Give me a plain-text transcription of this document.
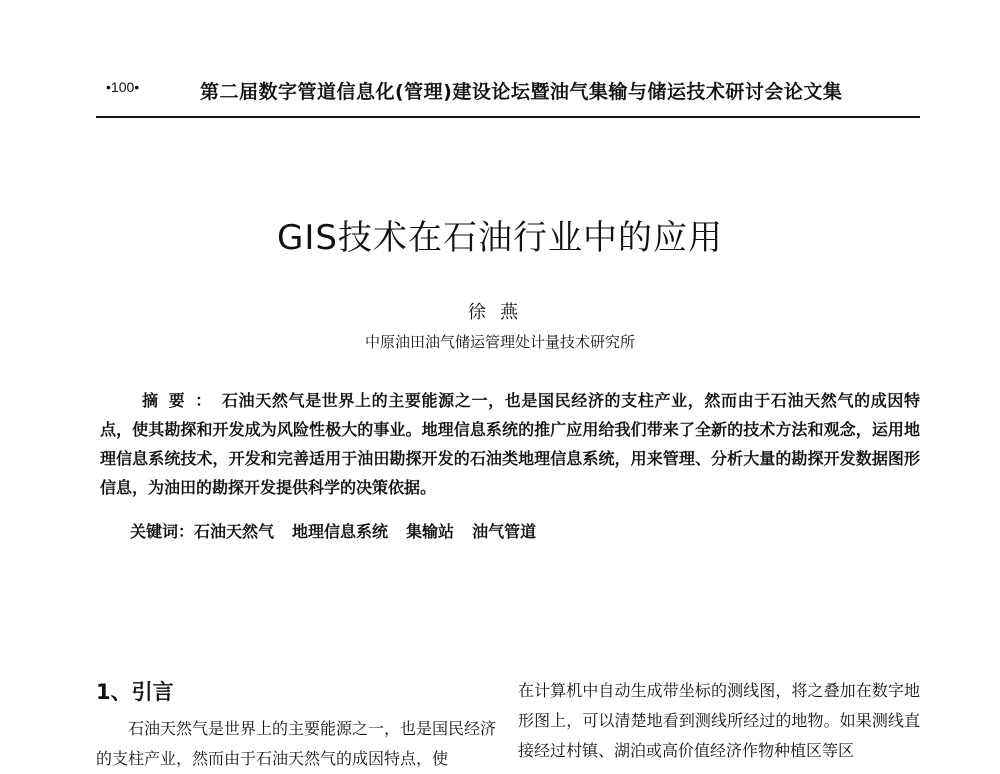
•100•	第二届数字管道信息化(管理)建设论坛暨油气集输与储运技术研讨会论文集
GIS技术在石油行业中的应用
徐燕
中原油田油气储运管理处计量技术研究所
摘要：石油天然气是世界上的主要能源之一，也是国民经济的支柱产业，然而由于石油天然气的成因特点，使其勘探和开发成为风险性极大的事业。地理信息系统的推广应用给我们带来了全新的技术方法和观念，运用地理信息系统技术，开发和完善适用于油田勘探开发的石油类地理信息系统，用来管理、分析大量的勘探开发数据图形信息，为油田的勘探开发提供科学的决策依据。
关键词：石油天然气 地理信息系统 集输站 油气管道
1、引言
石油天然气是世界上的主要能源之一，也是国民经济的支柱产业，然而由于石油天然气的成因特点，使
在计算机中自动生成带坐标的测线图，将之叠加在数字地形图上，可以清楚地看到测线所经过的地物。如果测线直接经过村镇、湖泊或高价值经济作物种植区等区
